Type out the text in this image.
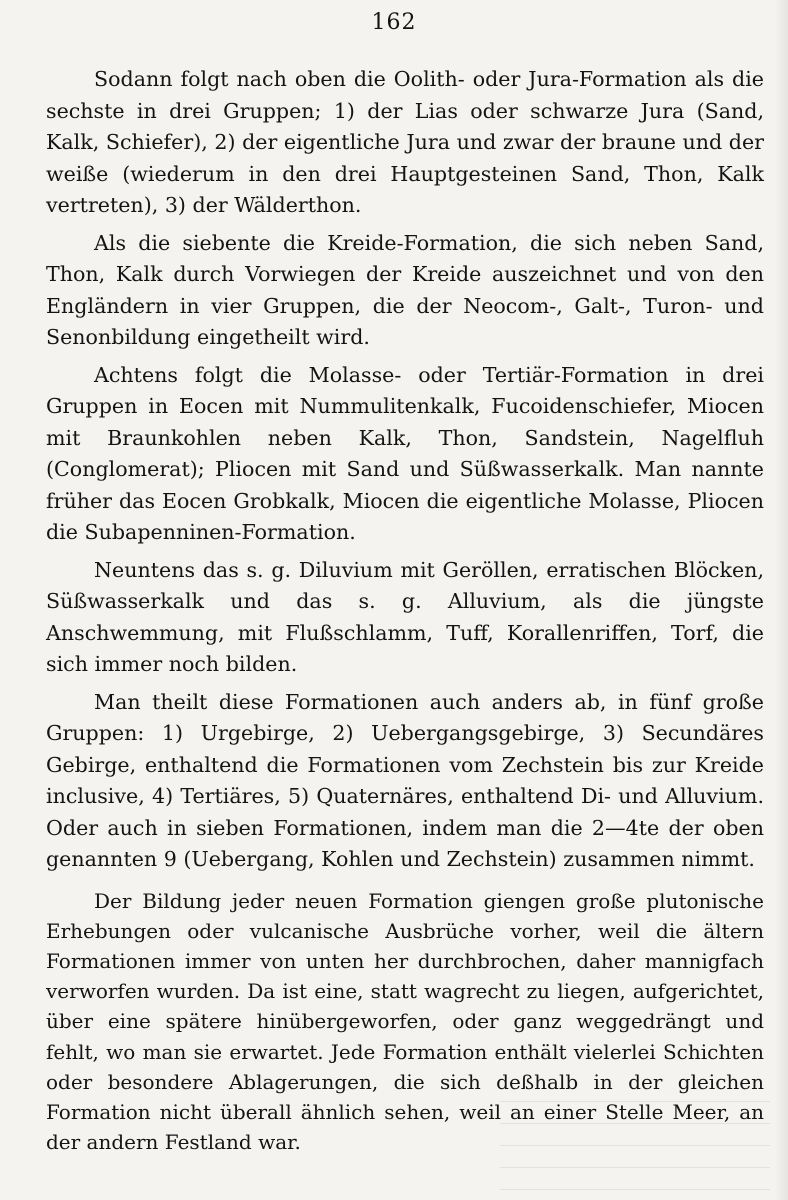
162

Sodann folgt nach oben die Oolith- oder Jura-Formation als die sechste in drei Gruppen; 1) der Lias oder schwarze Jura (Sand, Kalk, Schiefer), 2) der eigentliche Jura und zwar der braune und der weiße (wiederum in den drei Hauptgesteinen Sand, Thon, Kalk vertreten), 3) der Wälderthon.

Als die siebente die Kreide-Formation, die sich neben Sand, Thon, Kalk durch Vorwiegen der Kreide auszeichnet und von den Engländern in vier Gruppen, die der Neocom-, Galt-, Turon- und Senonbildung eingetheilt wird.

Achtens folgt die Molasse- oder Tertiär-Formation in drei Gruppen in Eocen mit Nummulitenkalk, Fucoidenschiefer, Miocen mit Braunkohlen neben Kalk, Thon, Sandstein, Nagelfluh (Conglomerat); Pliocen mit Sand und Süßwasserkalk. Man nannte früher das Eocen Grobkalk, Miocen die eigentliche Molasse, Pliocen die Subapenninen-Formation.

Neuntens das s. g. Diluvium mit Geröllen, erratischen Blöcken, Süßwasserkalk und das s. g. Alluvium, als die jüngste Anschwemmung, mit Flußschlamm, Tuff, Korallenriffen, Torf, die sich immer noch bilden.

Man theilt diese Formationen auch anders ab, in fünf große Gruppen: 1) Urgebirge, 2) Uebergangsgebirge, 3) Secundäres Gebirge, enthaltend die Formationen vom Zechstein bis zur Kreide inclusive, 4) Tertiäres, 5) Quaternäres, enthaltend Di- und Alluvium. Oder auch in sieben Formationen, indem man die 2—4te der oben genannten 9 (Uebergang, Kohlen und Zechstein) zusammen nimmt.

Der Bildung jeder neuen Formation giengen große plutonische Erhebungen oder vulcanische Ausbrüche vorher, weil die ältern Formationen immer von unten her durchbrochen, daher mannigfach verworfen wurden. Da ist eine, statt wagrecht zu liegen, aufgerichtet, über eine spätere hinübergeworfen, oder ganz weggedrängt und fehlt, wo man sie erwartet. Jede Formation enthält vielerlei Schichten oder besondere Ablagerungen, die sich deßhalb in der gleichen Formation nicht überall ähnlich sehen, weil an einer Stelle Meer, an der andern Festland war.
